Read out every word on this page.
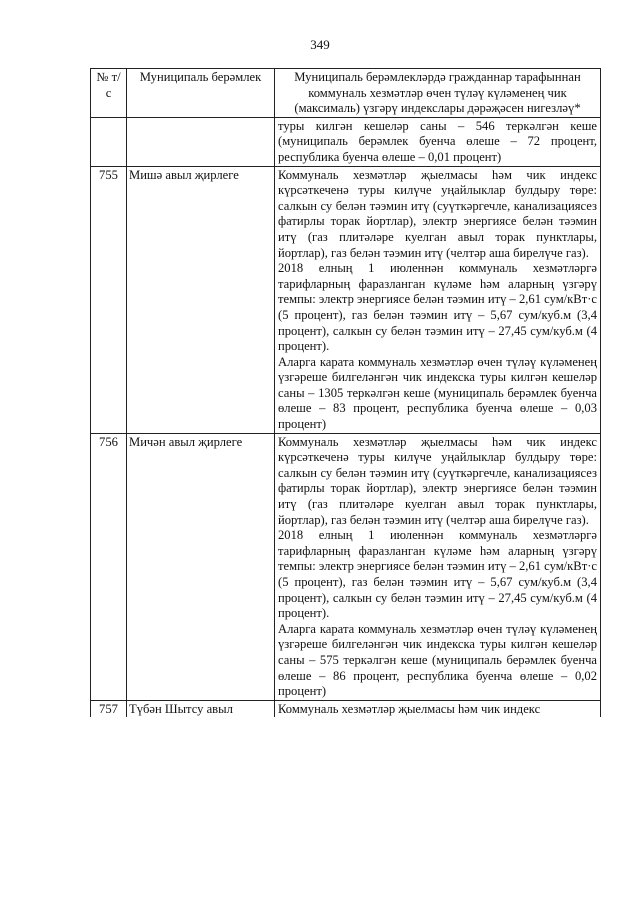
349
№ т/с	Муниципаль берәмлек	Муниципаль берәмлекләрдә гражданнар тарафыннан коммуналь хезмәтләр өчен түләү күләменең чик (максималь) үзгәрү индекслары дәрәҗәсен нигезләү*

		туры килгән кешеләр саны – 546 теркәлгән кеше (муниципаль берәмлек буенча өлеше – 72 процент, республика буенча өлеше – 0,01 процент)

755	Мишә авыл җирлеге	Коммуналь хезмәтләр җыелмасы һәм чик индекс күрсәткеченә туры килүче уңайлыклар булдыру төре: салкын су белән тәэмин итү (суүткәргечле, канализациясез фатирлы торак йортлар), электр энергиясе белән тәэмин итү (газ плитәләре куелган авыл торак пунктлары, йортлар), газ белән тәэмин итү (челтәр аша бирелүче газ).

2018 елның 1 июленнән коммуналь хезмәтләргә тарифларның фаразланган күләме һәм аларның үзгәрү темпы: электр энергиясе белән тәэмин итү – 2,61 сум/кВт·с (5 процент), газ белән тәэмин итү – 5,67 сум/куб.м (3,4 процент), салкын су белән тәэмин итү – 27,45 сум/куб.м (4 процент).

Аларга карата коммуналь хезмәтләр өчен түләү күләменең үзгәреше билгеләнгән чик индекска туры килгән кешеләр саны – 1305 теркәлгән кеше (муниципаль берәмлек буенча өлеше – 83 процент, республика буенча өлеше – 0,03 процент)

756	Мичән авыл җирлеге	Коммуналь хезмәтләр җыелмасы һәм чик индекс күрсәткеченә туры килүче уңайлыклар булдыру төре: салкын су белән тәэмин итү (суүткәргечле, канализациясез фатирлы торак йортлар), электр энергиясе белән тәэмин итү (газ плитәләре куелган авыл торак пунктлары, йортлар), газ белән тәэмин итү (челтәр аша бирелүче газ).

2018 елның 1 июленнән коммуналь хезмәтләргә тарифларның фаразланган күләме һәм аларның үзгәрү темпы: электр энергиясе белән тәэмин итү – 2,61 сум/кВт·с (5 процент), газ белән тәэмин итү – 5,67 сум/куб.м (3,4 процент), салкын су белән тәэмин итү – 27,45 сум/куб.м (4 процент).

Аларга карата коммуналь хезмәтләр өчен түләү күләменең үзгәреше билгеләнгән чик индекска туры килгән кешеләр саны – 575 теркәлгән кеше (муниципаль берәмлек буенча өлеше – 86 процент, республика буенча өлеше – 0,02 процент)

757	Түбән Шытсу авыл	Коммуналь хезмәтләр җыелмасы һәм чик индекс
